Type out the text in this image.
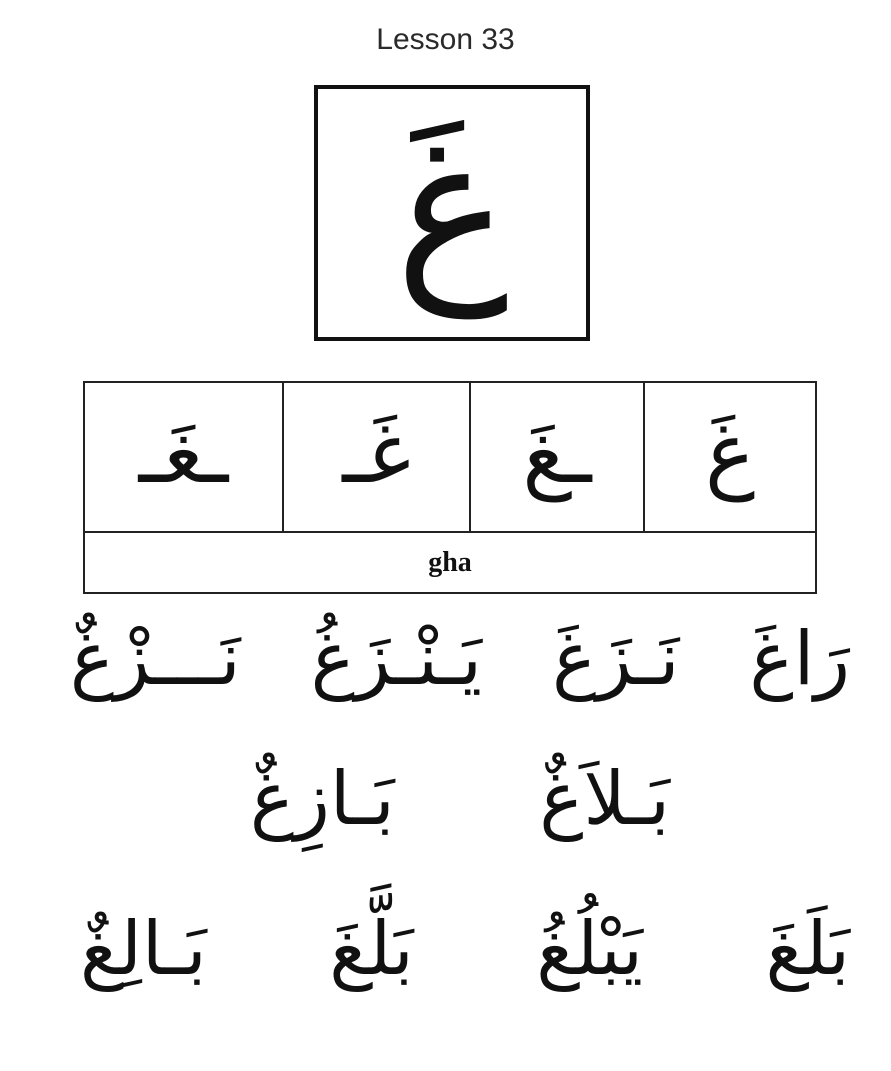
Lesson 33
غَ
ـغَـ غَـ ـغَ غَ
gha
رَاغَ
نَـزَغَ
يَـنْـزَغُ
نَـــزْغٌ
بَـلاَغٌ
بَـازِغٌ
بَلَغَ
يَبْلُغُ
بَلَّغَ
بَـالِغٌ
